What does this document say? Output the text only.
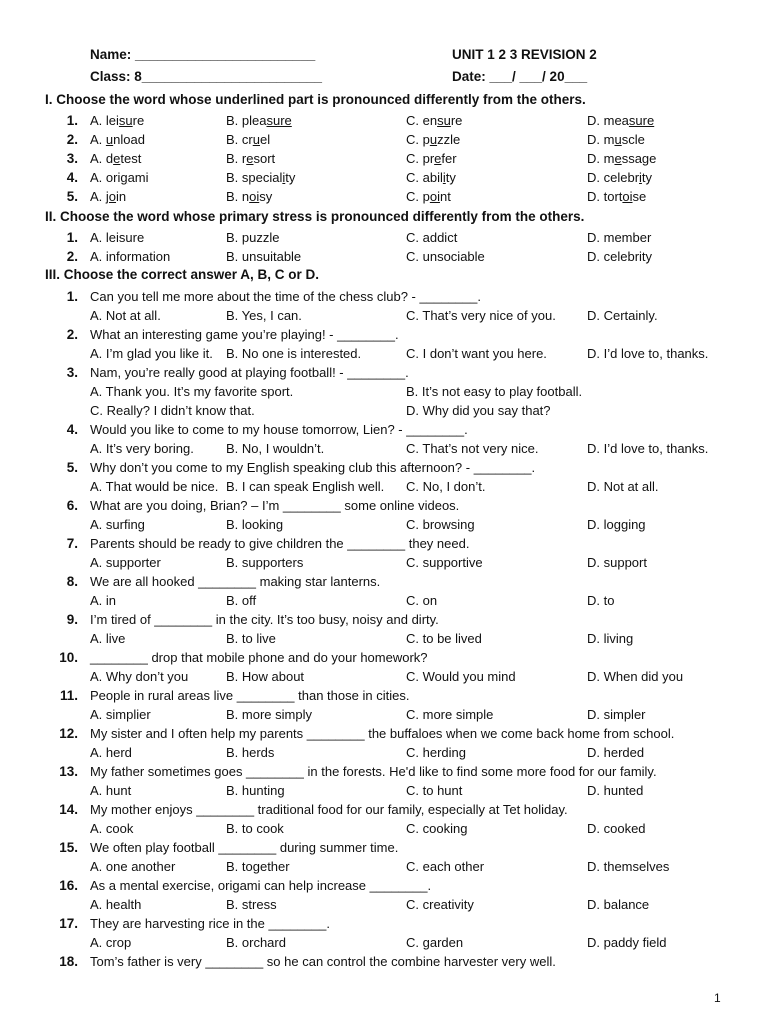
Name: ________________________
Class: 8________________________
UNIT 1 2 3 REVISION 2
Date: ___/ ___/ 20___
I. Choose the word whose underlined part is pronounced differently from the others.
1. A. leisure	B. pleasure	C. ensure	D. measure
2. A. unload	B. cruel	C. puzzle	D. muscle
3. A. detest	B. resort	C. prefer	D. message
4. A. origami	B. speciality	C. ability	D. celebrity
5. A. join	B. noisy	C. point	D. tortoise
II. Choose the word whose primary stress is pronounced differently from the others.
1. A. leisure	B. puzzle	C. addict	D. member
2. A. information	B. unsuitable	C. unsociable	D. celebrity
III. Choose the correct answer A, B, C or D.
1. Can you tell me more about the time of the chess club? - ________.
A. Not at all.	B. Yes, I can.	C. That’s very nice of you. D. Certainly.
2. What an interesting game you’re playing! - ________.
A. I’m glad you like it. B. No one is interested.	C. I don’t want you here.	D. I’d love to, thanks.
3. Nam, you’re really good at playing football! - ________.
A. Thank you. It’s my favorite sport.	B. It’s not easy to play football.
C. Really? I didn’t know that.	D. Why did you say that?
4. Would you like to come to my house tomorrow, Lien? - ________.
A. It’s very boring. B. No, I wouldn’t.	C. That’s not very nice.	D. I’d love to, thanks.
5. Why don’t you come to my English speaking club this afternoon? - ________.
A. That would be nice. B. I can speak English well. C. No, I don’t.	D. Not at all.
6. What are you doing, Brian? – I’m ________ some online videos.
A. surfing	B. looking	C. browsing	D. logging
7. Parents should be ready to give children the ________ they need.
A. supporter	B. supporters	C. supportive	D. support
8. We are all hooked ________ making star lanterns.
A. in	B. off	C. on	D. to
9. I’m tired of ________ in the city. It’s too busy, noisy and dirty.
A. live	B. to live	C. to be lived	D. living
10. ________ drop that mobile phone and do your homework?
A. Why don’t you	B. How about	C. Would you mind	D. When did you
11. People in rural areas live ________ than those in cities.
A. simplier	B. more simply	C. more simple	D. simpler
12. My sister and I often help my parents ________ the buffaloes when we come back home from school.
A. herd	B. herds	C. herding	D. herded
13. My father sometimes goes ________ in the forests. He'd like to find some more food for our family.
A. hunt	B. hunting	C. to hunt	D. hunted
14. My mother enjoys ________ traditional food for our family, especially at Tet holiday.
A. cook	B. to cook	C. cooking	D. cooked
15. We often play football ________ during summer time.
A. one another	B. together	C. each other	D. themselves
16. As a mental exercise, origami can help increase ________.
A. health	B. stress	C. creativity	D. balance
17. They are harvesting rice in the ________.
A. crop	B. orchard	C. garden	D. paddy field
18. Tom’s father is very ________ so he can control the combine harvester very well.
1
